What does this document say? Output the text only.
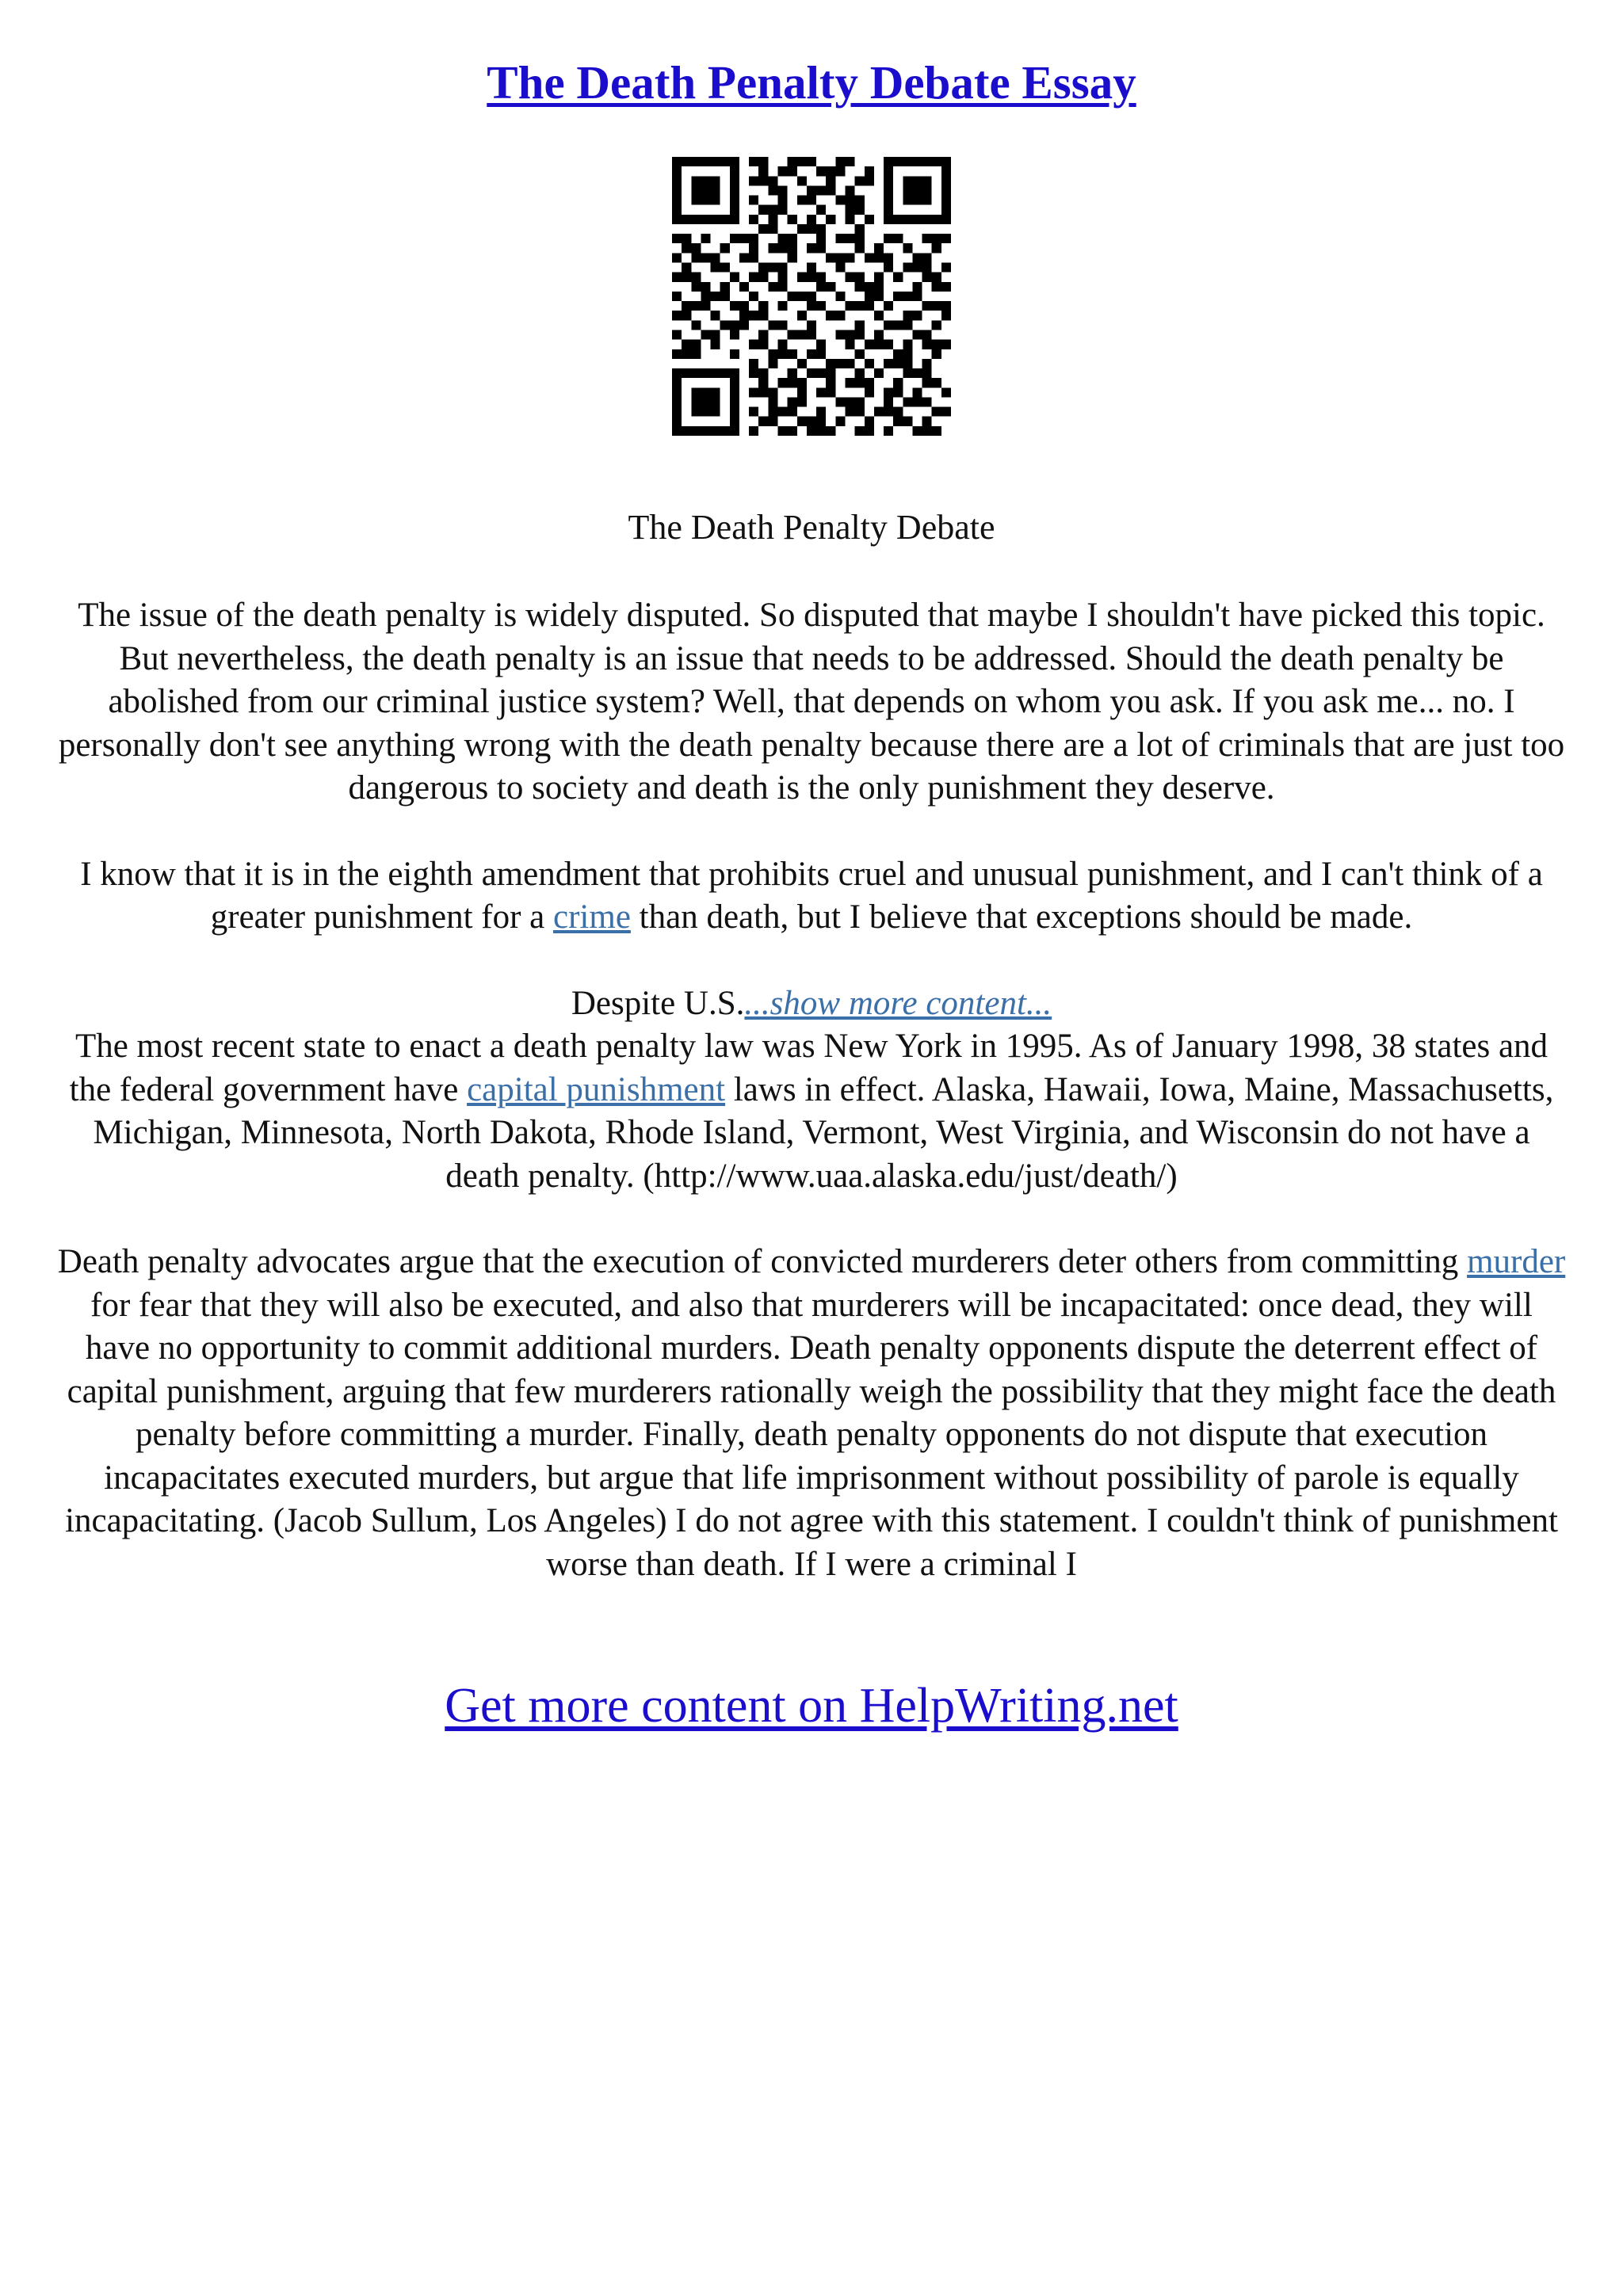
The Death Penalty Debate Essay
The Death Penalty Debate

The issue of the death penalty is widely disputed. So disputed that maybe I shouldn't have picked this topic. But nevertheless, the death penalty is an issue that needs to be addressed. Should the death penalty be abolished from our criminal justice system? Well, that depends on whom you ask. If you ask me... no. I personally don't see anything wrong with the death penalty because there are a lot of criminals that are just too dangerous to society and death is the only punishment they deserve.

I know that it is in the eighth amendment that prohibits cruel and unusual punishment, and I can't think of a greater punishment for a crime than death, but I believe that exceptions should be made.

Despite U.S....show more content...

The most recent state to enact a death penalty law was New York in 1995. As of January 1998, 38 states and the federal government have capital punishment laws in effect. Alaska, Hawaii, Iowa, Maine, Massachusetts, Michigan, Minnesota, North Dakota, Rhode Island, Vermont, West Virginia, and Wisconsin do not have a death penalty. (http://www.uaa.alaska.edu/just/death/)

Death penalty advocates argue that the execution of convicted murderers deter others from committing murder for fear that they will also be executed, and also that murderers will be incapacitated: once dead, they will have no opportunity to commit additional murders. Death penalty opponents dispute the deterrent effect of capital punishment, arguing that few murderers rationally weigh the possibility that they might face the death penalty before committing a murder. Finally, death penalty opponents do not dispute that execution incapacitates executed murders, but argue that life imprisonment without possibility of parole is equally incapacitating. (Jacob Sullum, Los Angeles) I do not agree with this statement. I couldn't think of punishment worse than death. If I were a criminal I

Get more content on HelpWriting.net
